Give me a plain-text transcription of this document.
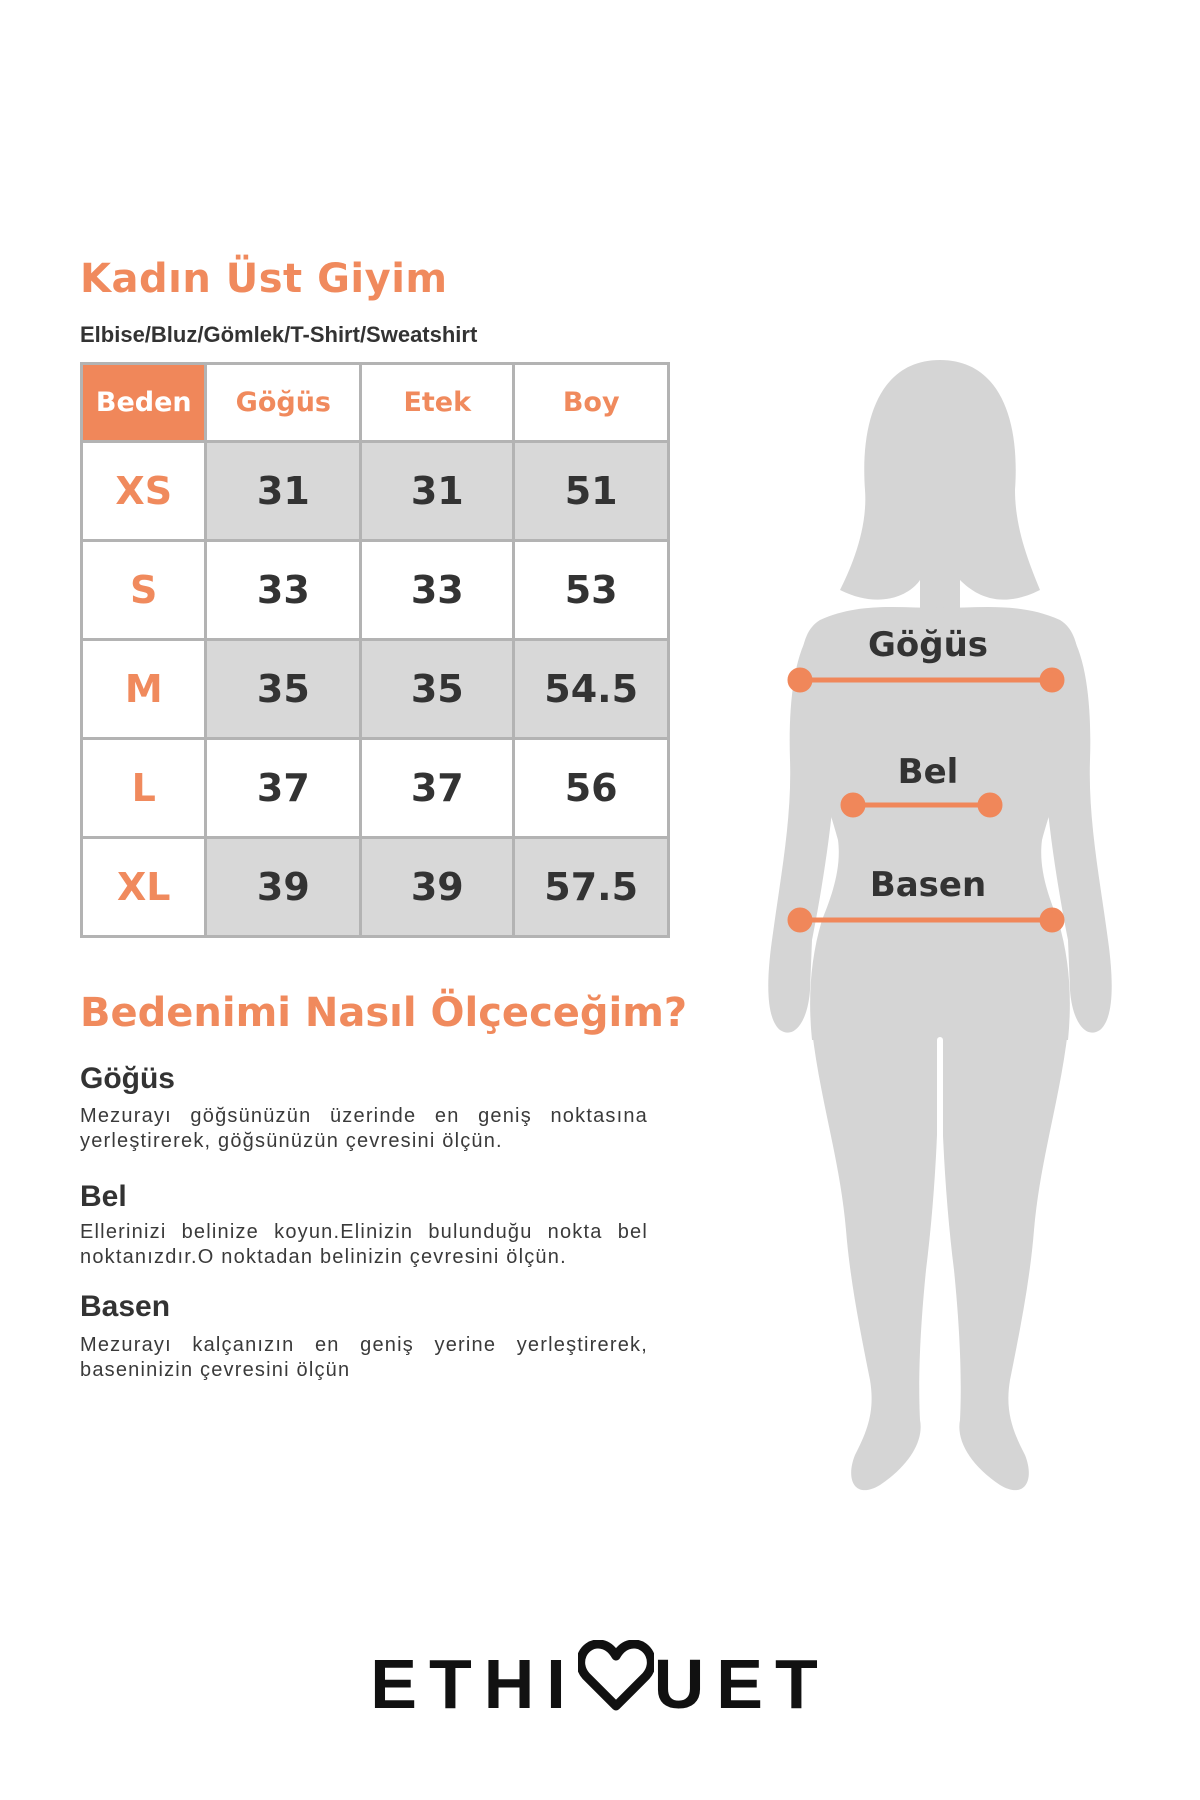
Kadın Üst Giyim

Elbise/Bluz/Gömlek/T-Shirt/Sweatshirt

Beden	Göğüs	Etek	Boy
XS	31	31	51
S	33	33	53
M	35	35	54.5
L	37	37	56
XL	39	39	57.5
Bedenimi Nasıl Ölçeceğim?
Göğüs

Mezurayı göğsünüzün üzerinde en geniş noktasına yerleştirerek, göğsünüzün çevresini ölçün.

Bel

Ellerinizi belinize koyun.Elinizin bulunduğu nokta bel noktanızdır.O noktadan belinizin çevresini ölçün.

Basen

Mezurayı kalçanızın en geniş yerine yerleştirerek, baseninizin çevresini ölçün

Göğüs
Bel
Basen
ETHI UET
